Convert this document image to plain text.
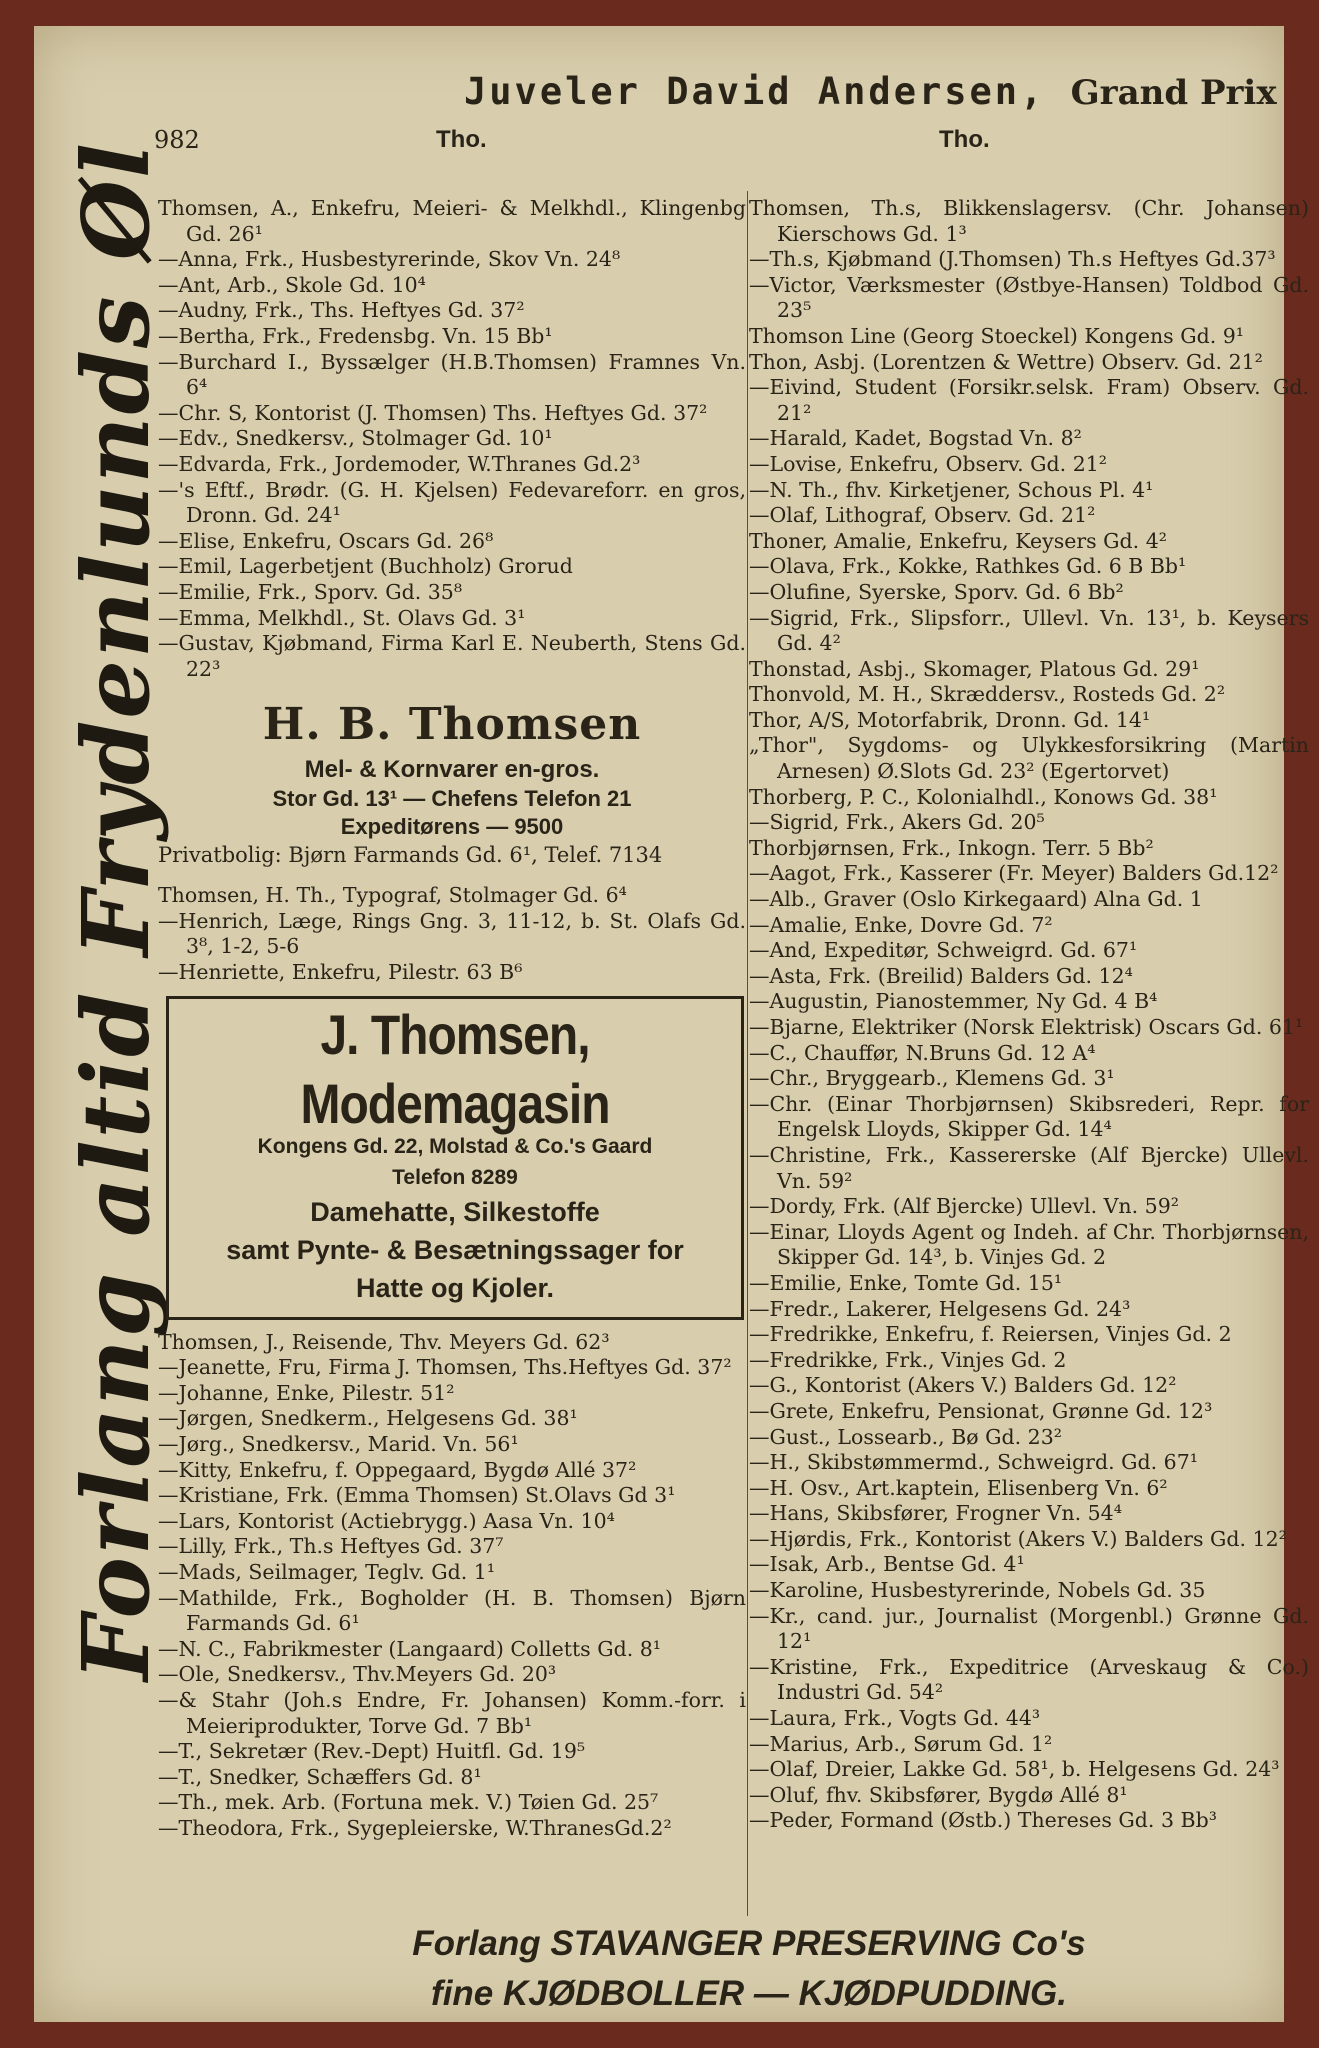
Juveler David Andersen, Grand Prix
982	Tho.	Tho.
Forlang altid Frydenlunds Øl

Thomsen, A., Enkefru, Meieri- & Melkhdl., Klingenbg Gd. 26¹

—Anna, Frk., Husbestyrerinde, Skov Vn. 24⁸

—Ant, Arb., Skole Gd. 10⁴

—Audny, Frk., Ths. Heftyes Gd. 37²

—Bertha, Frk., Fredensbg. Vn. 15 Bb¹

—Burchard I., Byssælger (H.B.Thomsen) Framnes Vn. 6⁴

—Chr. S, Kontorist (J. Thomsen) Ths. Heftyes Gd. 37²

—Edv., Snedkersv., Stolmager Gd. 10¹

—Edvarda, Frk., Jordemoder, W.Thranes Gd.2³

—'s Eftf., Brødr. (G. H. Kjelsen) Fedevareforr. en gros, Dronn. Gd. 24¹

—Elise, Enkefru, Oscars Gd. 26⁸

—Emil, Lagerbetjent (Buchholz) Grorud

—Emilie, Frk., Sporv. Gd. 35⁸

—Emma, Melkhdl., St. Olavs Gd. 3¹

—Gustav, Kjøbmand, Firma Karl E. Neuberth, Stens Gd. 22³

H. B. Thomsen
Mel- & Kornvarer en-gros.
Stor Gd. 13¹ — Chefens Telefon 21
Expeditørens — 9500
Privatbolig: Bjørn Farmands Gd. 6¹, Telef. 7134

Thomsen, H. Th., Typograf, Stolmager Gd. 6⁴

—Henrich, Læge, Rings Gng. 3, 11-12, b. St. Olafs Gd. 3⁸, 1-2, 5-6

—Henriette, Enkefru, Pilestr. 63 B⁶

J. Thomsen, Modemagasin
Kongens Gd. 22, Molstad & Co.'s Gaard
Telefon 8289
Damehatte, Silkestoffe
samt Pynte- & Besætningssager for
Hatte og Kjoler.

Thomsen, J., Reisende, Thv. Meyers Gd. 62³

—Jeanette, Fru, Firma J. Thomsen, Ths.Heftyes Gd. 37²

—Johanne, Enke, Pilestr. 51²

—Jørgen, Snedkerm., Helgesens Gd. 38¹

—Jørg., Snedkersv., Marid. Vn. 56¹

—Kitty, Enkefru, f. Oppegaard, Bygdø Allé 37²

—Kristiane, Frk. (Emma Thomsen) St.Olavs Gd 3¹

—Lars, Kontorist (Actiebrygg.) Aasa Vn. 10⁴

—Lilly, Frk., Th.s Heftyes Gd. 37⁷

—Mads, Seilmager, Teglv. Gd. 1¹

—Mathilde, Frk., Bogholder (H. B. Thomsen) Bjørn Farmands Gd. 6¹

—N. C., Fabrikmester (Langaard) Colletts Gd. 8¹

—Ole, Snedkersv., Thv.Meyers Gd. 20³

—& Stahr (Joh.s Endre, Fr. Johansen) Komm.-forr. i Meieriprodukter, Torve Gd. 7 Bb¹

—T., Sekretær (Rev.-Dept) Huitfl. Gd. 19⁵

—T., Snedker, Schæffers Gd. 8¹

—Th., mek. Arb. (Fortuna mek. V.) Tøien Gd. 25⁷

—Theodora, Frk., Sygepleierske, W.ThranesGd.2²

Thomsen, Th.s, Blikkenslagersv. (Chr. Johansen) Kierschows Gd. 1³

—Th.s, Kjøbmand (J.Thomsen) Th.s Heftyes Gd.37³

—Victor, Værksmester (Østbye-Hansen) Toldbod Gd. 23⁵

Thomson Line (Georg Stoeckel) Kongens Gd. 9¹

Thon, Asbj. (Lorentzen & Wettre) Observ. Gd. 21²

—Eivind, Student (Forsikr.selsk. Fram) Observ. Gd. 21²

—Harald, Kadet, Bogstad Vn. 8²

—Lovise, Enkefru, Observ. Gd. 21²

—N. Th., fhv. Kirketjener, Schous Pl. 4¹

—Olaf, Lithograf, Observ. Gd. 21²

Thoner, Amalie, Enkefru, Keysers Gd. 4²

—Olava, Frk., Kokke, Rathkes Gd. 6 B Bb¹

—Olufine, Syerske, Sporv. Gd. 6 Bb²

—Sigrid, Frk., Slipsforr., Ullevl. Vn. 13¹, b. Keysers Gd. 4²

Thonstad, Asbj., Skomager, Platous Gd. 29¹

Thonvold, M. H., Skræddersv., Rosteds Gd. 2²

Thor, A/S, Motorfabrik, Dronn. Gd. 14¹

„Thor", Sygdoms- og Ulykkesforsikring (Martin Arnesen) Ø.Slots Gd. 23² (Egertorvet)

Thorberg, P. C., Kolonialhdl., Konows Gd. 38¹

—Sigrid, Frk., Akers Gd. 20⁵

Thorbjørnsen, Frk., Inkogn. Terr. 5 Bb²

—Aagot, Frk., Kasserer (Fr. Meyer) Balders Gd.12²

—Alb., Graver (Oslo Kirkegaard) Alna Gd. 1

—Amalie, Enke, Dovre Gd. 7²

—And, Expeditør, Schweigrd. Gd. 67¹

—Asta, Frk. (Breilid) Balders Gd. 12⁴

—Augustin, Pianostemmer, Ny Gd. 4 B⁴

—Bjarne, Elektriker (Norsk Elektrisk) Oscars Gd. 61¹

—C., Chauffør, N.Bruns Gd. 12 A⁴

—Chr., Bryggearb., Klemens Gd. 3¹

—Chr. (Einar Thorbjørnsen) Skibsrederi, Repr. for Engelsk Lloyds, Skipper Gd. 14⁴

—Christine, Frk., Kassererske (Alf Bjercke) Ullevl. Vn. 59²

—Dordy, Frk. (Alf Bjercke) Ullevl. Vn. 59²

—Einar, Lloyds Agent og Indeh. af Chr. Thorbjørnsen, Skipper Gd. 14³, b. Vinjes Gd. 2

—Emilie, Enke, Tomte Gd. 15¹

—Fredr., Lakerer, Helgesens Gd. 24³

—Fredrikke, Enkefru, f. Reiersen, Vinjes Gd. 2

—Fredrikke, Frk., Vinjes Gd. 2

—G., Kontorist (Akers V.) Balders Gd. 12²

—Grete, Enkefru, Pensionat, Grønne Gd. 12³

—Gust., Lossearb., Bø Gd. 23²

—H., Skibstømmermd., Schweigrd. Gd. 67¹

—H. Osv., Art.kaptein, Elisenberg Vn. 6²

—Hans, Skibsfører, Frogner Vn. 54⁴

—Hjørdis, Frk., Kontorist (Akers V.) Balders Gd. 12²

—Isak, Arb., Bentse Gd. 4¹

—Karoline, Husbestyrerinde, Nobels Gd. 35

—Kr., cand. jur., Journalist (Morgenbl.) Grønne Gd. 12¹

—Kristine, Frk., Expeditrice (Arveskaug & Co.) Industri Gd. 54²

—Laura, Frk., Vogts Gd. 44³

—Marius, Arb., Sørum Gd. 1²

—Olaf, Dreier, Lakke Gd. 58¹, b. Helgesens Gd. 24³

—Oluf, fhv. Skibsfører, Bygdø Allé 8¹

—Peder, Formand (Østb.) Thereses Gd. 3 Bb³

Forlang STAVANGER PRESERVING Co's
fine KJØDBOLLER — KJØDPUDDING.
